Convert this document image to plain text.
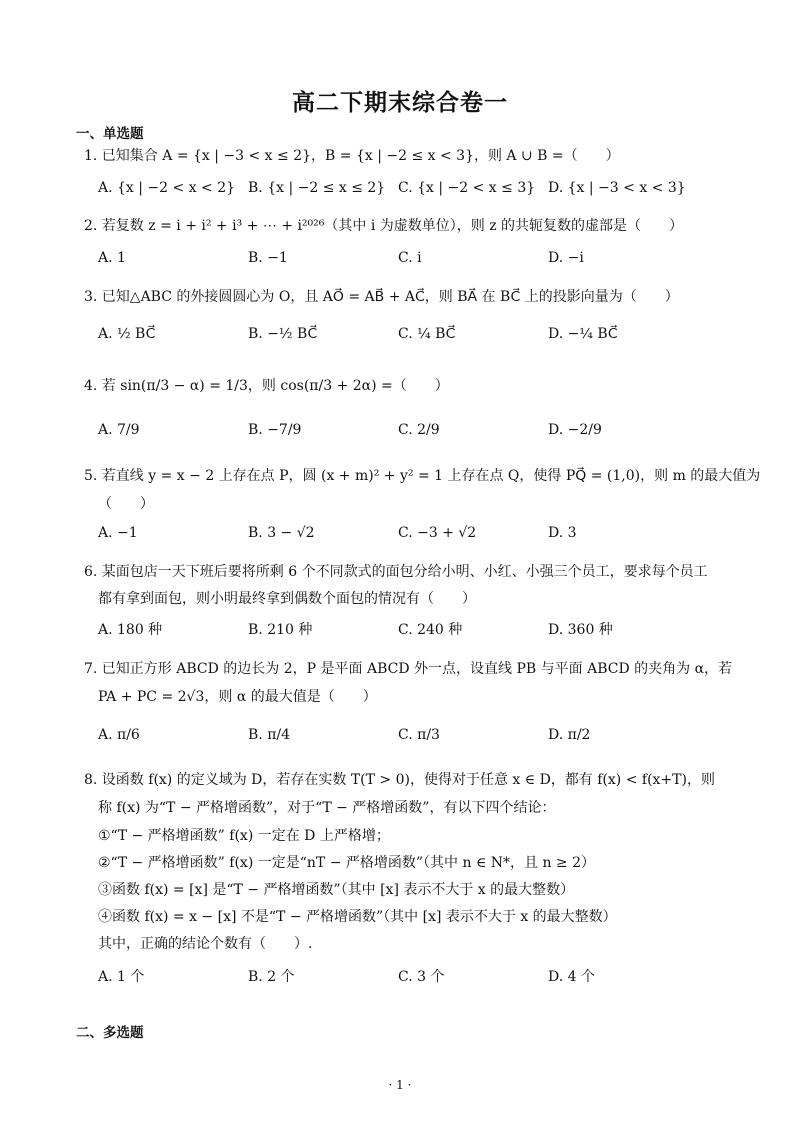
高二下期末综合卷一
一、单选题
1. 已知集合 A = {x | −3 < x ≤ 2}，B = {x | −2 ≤ x < 3}，则 A ∪ B =（　　）
A. {x | −2 < x < 2} B. {x | −2 ≤ x ≤ 2} C. {x | −2 < x ≤ 3} D. {x | −3 < x < 3}
2. 若复数 z = i + i² + i³ + ⋯ + i²⁰²⁶（其中 i 为虚数单位），则 z 的共轭复数的虚部是（　　）
A. 1	B. −1	C. i	D. −i
3. 已知△ABC 的外接圆圆心为 O，且 AO⃗ = AB⃗ + AC⃗，则 BA⃗ 在 BC⃗ 上的投影向量为（　　）
A. ½ BC⃗	B. −½ BC⃗	C. ¼ BC⃗	D. −¼ BC⃗
4. 若 sin(π/3 − α) = 1/3，则 cos(π/3 + 2α) =（　　）
A. 7/9	B. −7/9	C. 2/9	D. −2/9
5. 若直线 y = x − 2 上存在点 P，圆 (x + m)² + y² = 1 上存在点 Q，使得 PQ⃗ = (1,0)，则 m 的最大值为
（　　）
A. −1	B. 3 − √2	C. −3 + √2	D. 3
6. 某面包店一天下班后要将所剩 6 个不同款式的面包分给小明、小红、小强三个员工，要求每个员工
都有拿到面包，则小明最终拿到偶数个面包的情况有（　　）
A. 180 种	B. 210 种	C. 240 种	D. 360 种
7. 已知正方形 ABCD 的边长为 2，P 是平面 ABCD 外一点，设直线 PB 与平面 ABCD 的夹角为 α，若
PA + PC = 2√3，则 α 的最大值是（　　）
A. π/6	B. π/4	C. π/3	D. π/2
8. 设函数 f(x) 的定义域为 D，若存在实数 T(T > 0)，使得对于任意 x ∈ D，都有 f(x) < f(x+T)，则
称 f(x) 为“T − 严格增函数”，对于“T − 严格增函数”，有以下四个结论：
①“T − 严格增函数” f(x) 一定在 D 上严格增；
②“T − 严格增函数” f(x) 一定是“nT − 严格增函数”（其中 n ∈ N*，且 n ≥ 2）
③函数 f(x) = [x] 是“T − 严格增函数”（其中 [x] 表示不大于 x 的最大整数）
④函数 f(x) = x − [x] 不是“T − 严格增函数”（其中 [x] 表示不大于 x 的最大整数）
其中，正确的结论个数有（　　）.
A. 1 个	B. 2 个	C. 3 个	D. 4 个
二、多选题
· 1 ·
